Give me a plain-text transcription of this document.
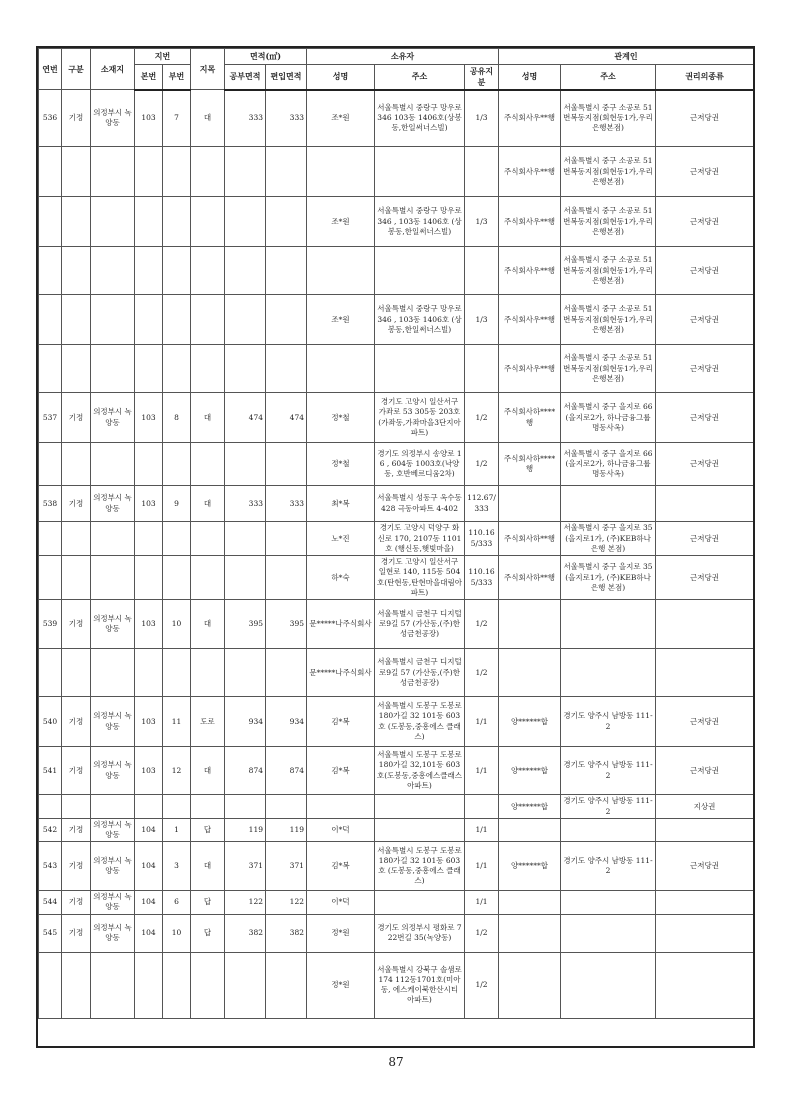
연번	구분	소재지	지번		지목	면적(㎡)		소유자			관계인		
			본번	부번		공부면적	편입면적	성명	주소	공유지분	성명	주소	권리의종류
536	기정	의정부시 녹양동	103	7	대	333	333	조*원	서울특별시 중랑구 망우로 346 103동 1406호(상봉동,한일써너스빌)	1/3	주식회사우**행	서울특별시 중구 소공로 51번복동지점(회현동1가,우리은행본점)	근저당권
											주식회사우**행	서울특별시 중구 소공로 51번복동지점(회현동1가,우리은행본점)	근저당권
								조*원	서울특별시 중랑구 망우로 346 , 103동 1406호 (상봉동,한일써너스빌)	1/3	주식회사우**행	서울특별시 중구 소공로 51번복동지점(회현동1가,우리은행본점)	근저당권
											주식회사우**행	서울특별시 중구 소공로 51번복동지점(회현동1가,우리은행본점)	근저당권
								조*원	서울특별시 중랑구 망우로 346 , 103동 1406호 (상봉동,한일써너스빌)	1/3	주식회사우**행	서울특별시 중구 소공로 51번복동지점(회현동1가,우리은행본점)	근저당권
											주식회사우**행	서울특별시 중구 소공로 51번복동지점(회현동1가,우리은행본점)	근저당권
537	기정	의정부시 녹양동	103	8	대	474	474	정*철	경기도 고양시 일산서구 가좌로 53 305동 203호(가좌동,가좌마을3단지아파트)	1/2	주식회사하****행	서울특별시 중구 을지로 66(을지로2가, 하나금융그룹 명동사옥)	근저당권
								정*철	경기도 의정부시 송양로 16 , 604동 1003호(낙양동, 호반베르디움2차)	1/2	주식회사하****행	서울특별시 중구 을지로 66(을지로2가, 하나금융그룹 명동사옥)	근저당권
538	기정	의정부시 녹양동	103	9	대	333	333	최*복	서울특별시 성동구 옥수동 428 극동아파트 4-402	112.67/333			
								노*진	경기도 고양시 덕양구 화신로 170, 2107동 1101호 (행신동,햇빛마을)	110.165/333	주식회사하**행	서울특별시 중구 을지로 35(을지로1가, (주)KEB하나은행 본점)	근저당권
								하*숙	경기도 고양시 일산서구 일현로 140, 115동 504호(탄현동,탄현마을대림아파트)	110.165/333	주식회사하**행	서울특별시 중구 을지로 35(을지로1가, (주)KEB하나은행 본점)	근저당권
539	기정	의정부시 녹양동	103	10	대	395	395	문*****나주식회사	서울특별시 금천구 디지털로9길 57 (가산동,(주)한성금천공장)	1/2			
								문*****나주식회사	서울특별시 금천구 디지털로9길 57 (가산동,(주)한성금천공장)	1/2			
540	기정	의정부시 녹양동	103	11	도로	934	934	김*복	서울특별시 도봉구 도봉로180가길 32 101동 603호 (도봉동,중흥에스 클래스)	1/1	양******합	경기도 양주시 남방동 111-2	근저당권
541	기정	의정부시 녹양동	103	12	대	874	874	김*복	서울특별시 도봉구 도봉로180가길 32,101동 603호(도봉동,중흥에스클래스아파트)	1/1	양******합	경기도 양주시 남방동 111-2	근저당권
											양******합	경기도 양주시 남방동 111-2	지상권
542	기정	의정부시 녹양동	104	1	답	119	119	이*덕		1/1			
543	기정	의정부시 녹양동	104	3	대	371	371	김*복	서울특별시 도봉구 도봉로180가길 32 101동 603호 (도봉동,중흥에스 클래스)	1/1	양******합	경기도 양주시 남방동 111-2	근저당권
544	기정	의정부시 녹양동	104	6	답	122	122	이*덕		1/1			
545	기정	의정부시 녹양동	104	10	답	382	382	정*원	경기도 의정부시 평화로 722번길 35(녹양동)	1/2			
								정*원	서울특별시 강북구 솔샘로174 112동1701호(미아동, 에스케이북한산시티 아파트)	1/2			
87
